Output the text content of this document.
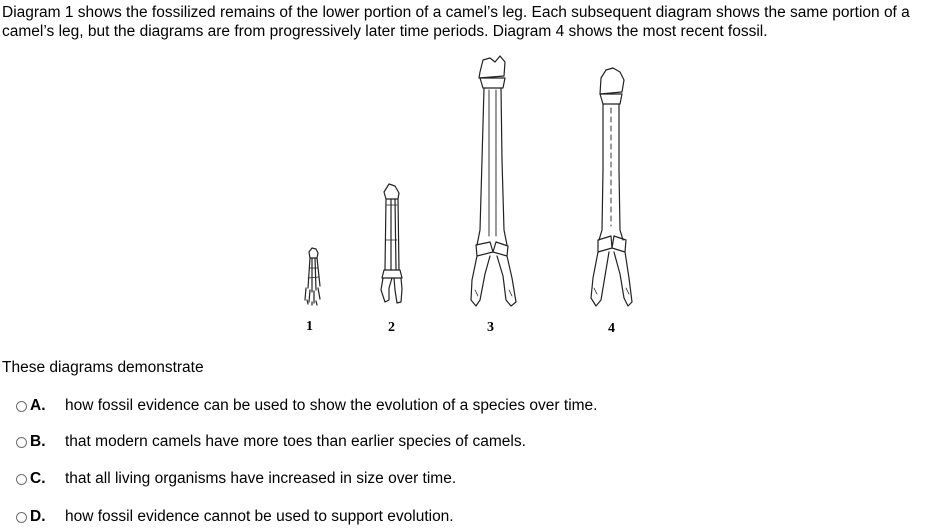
Diagram 1 shows the fossilized remains of the lower portion of a camel’s leg. Each subsequent diagram shows the same portion of a camel’s leg, but the diagrams are from progressively later time periods. Diagram 4 shows the most recent fossil.

1	2	3	4

These diagrams demonstrate

A.	how fossil evidence can be used to show the evolution of a species over time.
B.	that modern camels have more toes than earlier species of camels.
C.	that all living organisms have increased in size over time.
D.	how fossil evidence cannot be used to support evolution.
